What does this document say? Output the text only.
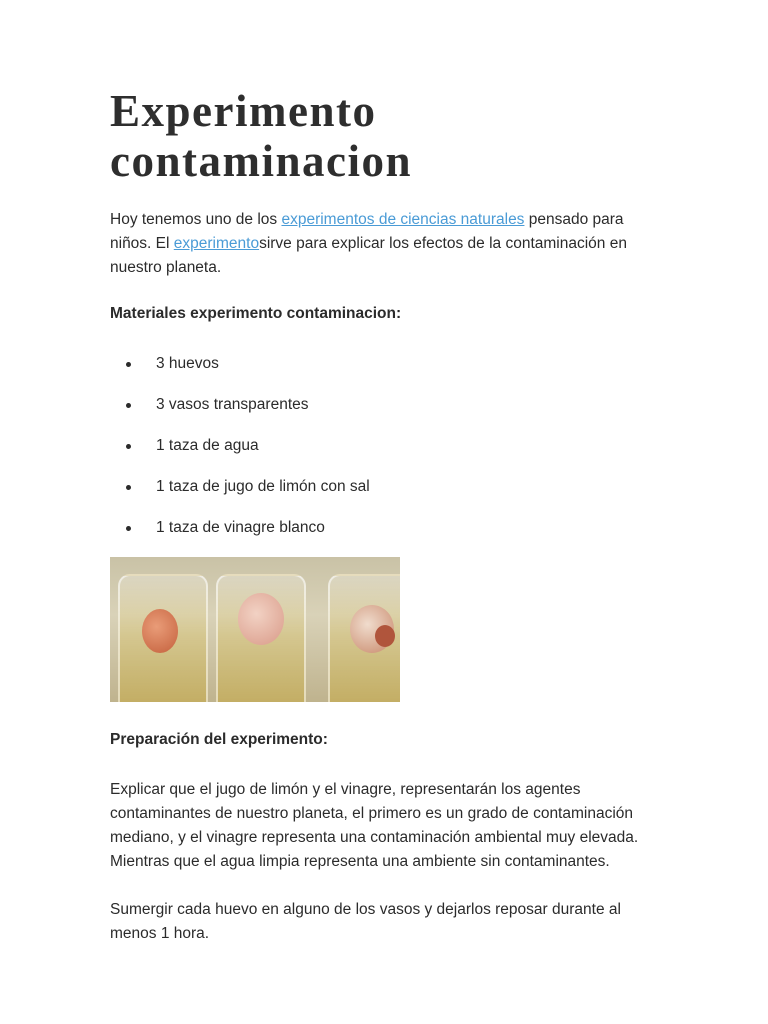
Experimento
contaminacion

Hoy tenemos uno de los experimentos de ciencias naturales pensado para niños. El experimentosirve para explicar los efectos de la contaminación en nuestro planeta.

Materiales experimento contaminacion:

3 huevos
3 vasos transparentes
1 taza de agua
1 taza de jugo de limón con sal
1 taza de vinagre blanco

Preparación del experimento:

Explicar que el jugo de limón y el vinagre, representarán los agentes contaminantes de nuestro planeta, el primero es un grado de contaminación mediano, y el vinagre representa una contaminación ambiental muy elevada. Mientras que el agua limpia representa una ambiente sin contaminantes.

Sumergir cada huevo en alguno de los vasos y dejarlos reposar durante al menos 1 hora.
